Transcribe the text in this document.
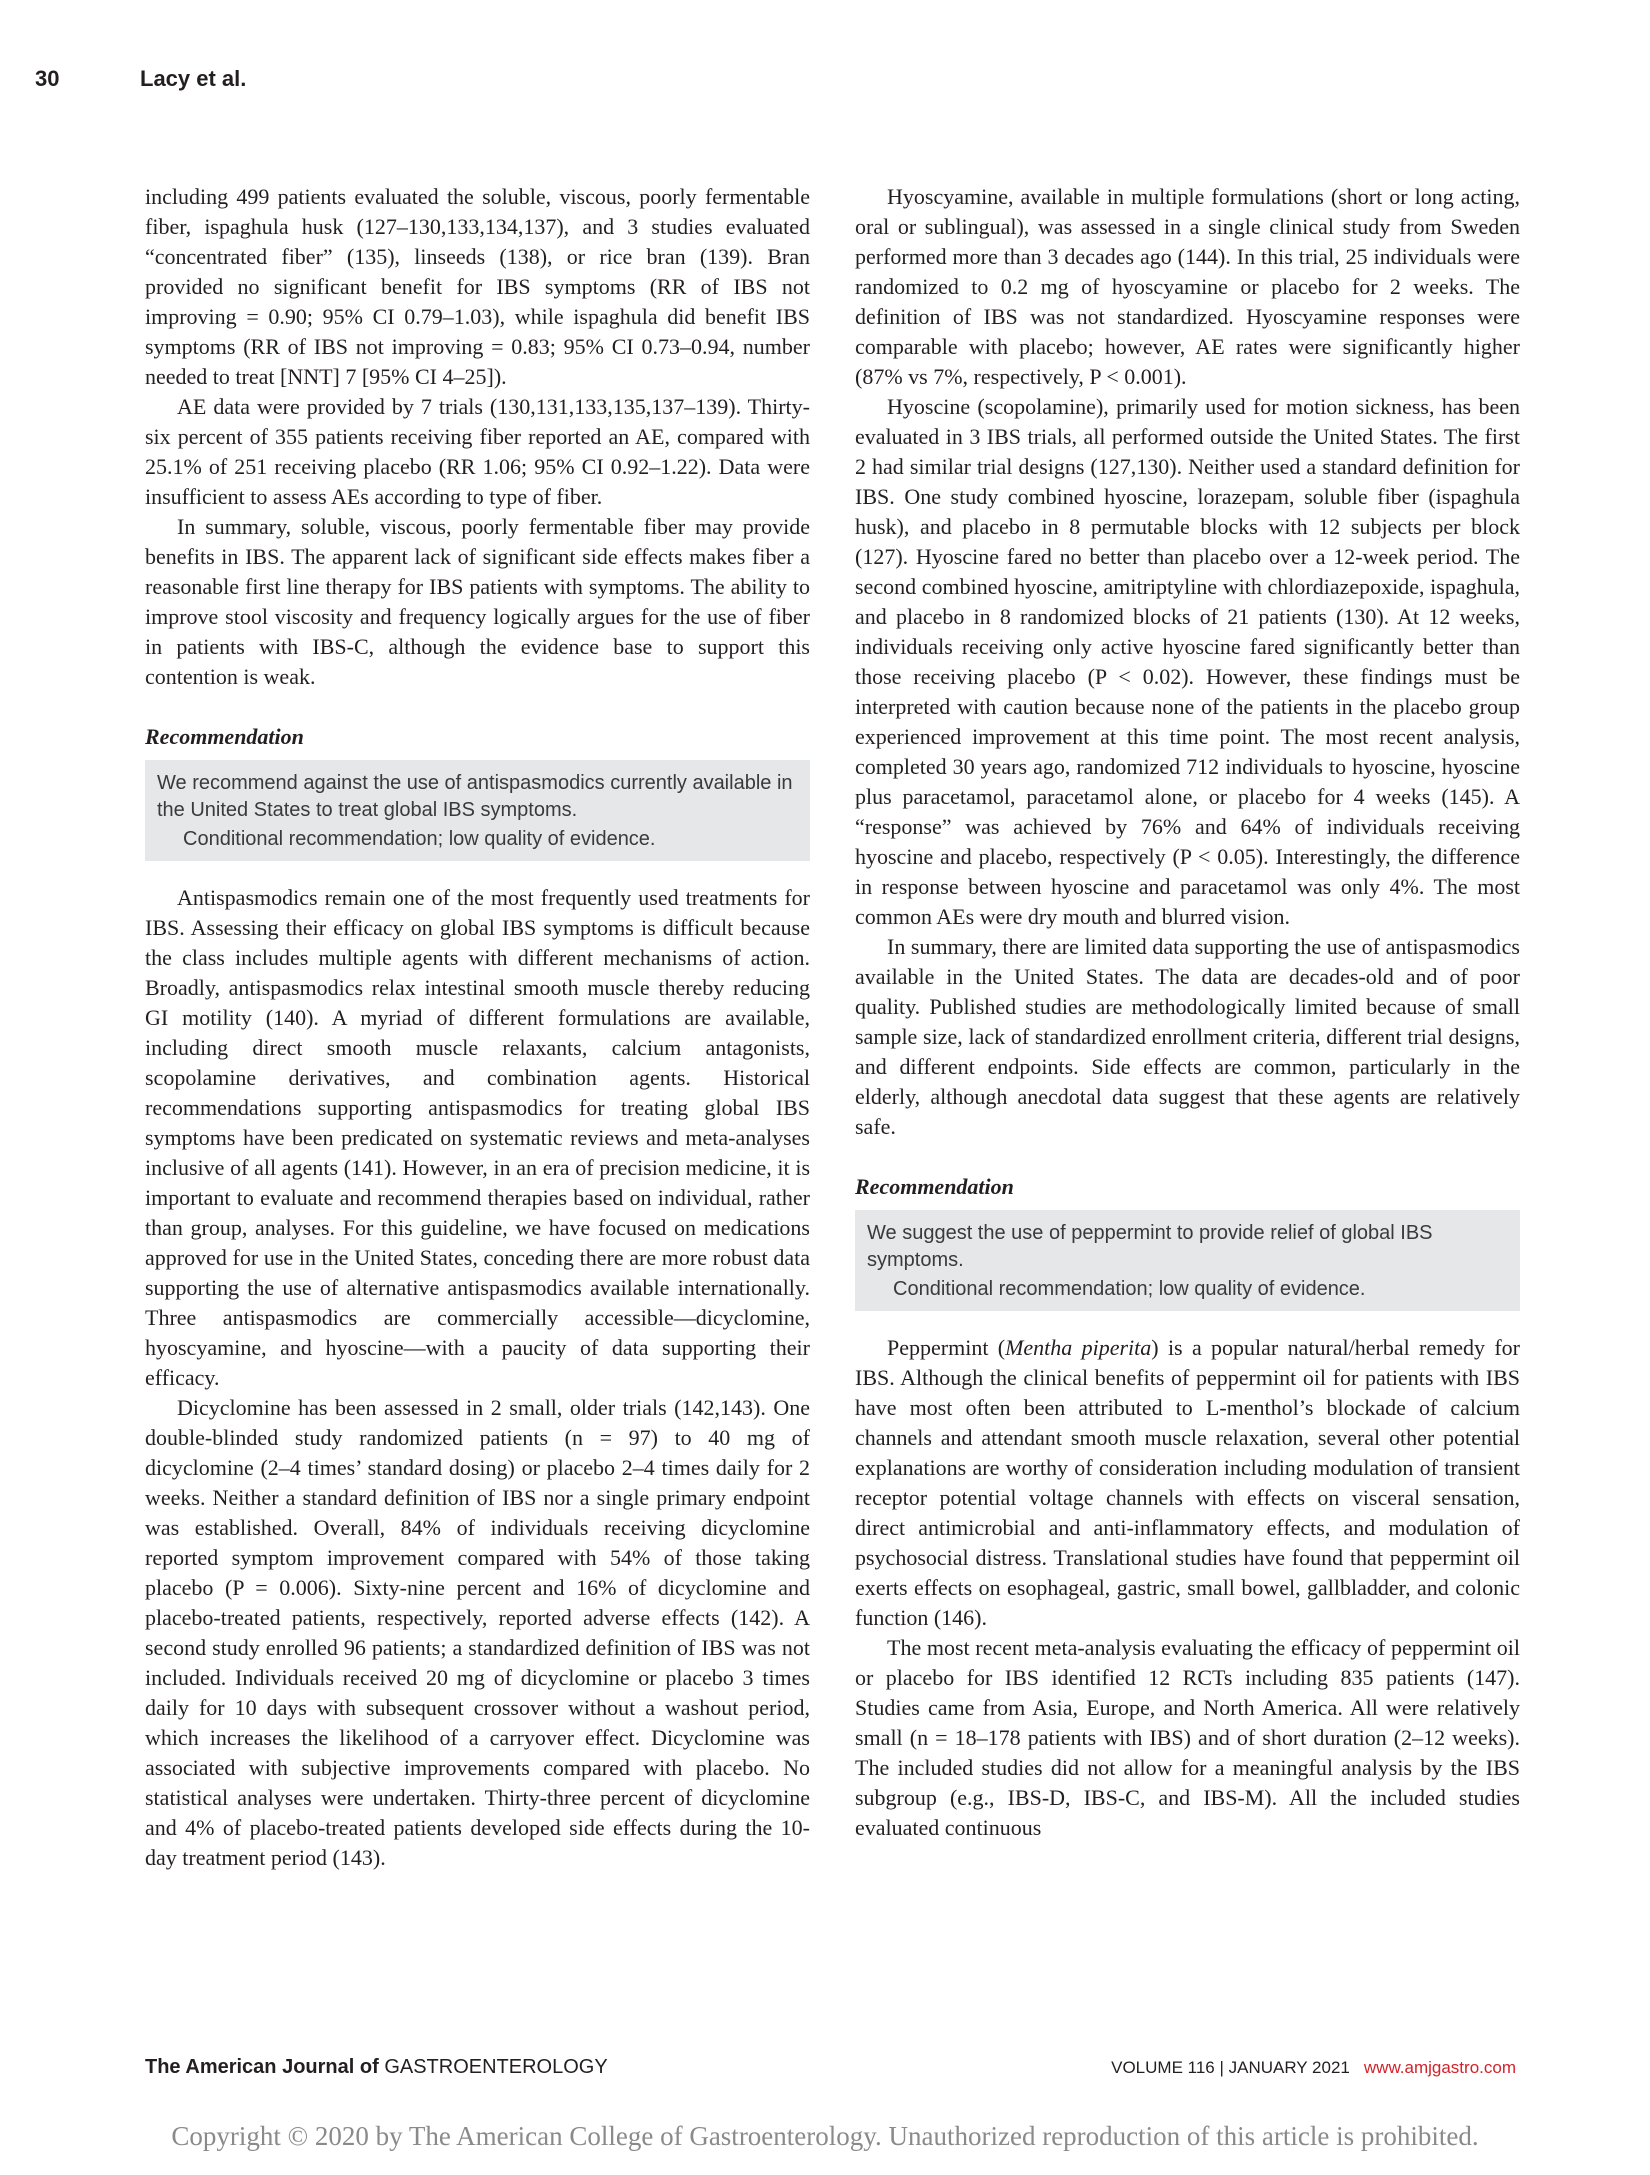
30	Lacy et al.

including 499 patients evaluated the soluble, viscous, poorly fermentable fiber, ispaghula husk (127–130,133,134,137), and 3 studies evaluated “concentrated fiber” (135), linseeds (138), or rice bran (139). Bran provided no significant benefit for IBS symptoms (RR of IBS not improving = 0.90; 95% CI 0.79–1.03), while ispaghula did benefit IBS symptoms (RR of IBS not improving = 0.83; 95% CI 0.73–0.94, number needed to treat [NNT] 7 [95% CI 4–25]).

AE data were provided by 7 trials (130,131,133,135,137–139). Thirty-six percent of 355 patients receiving fiber reported an AE, compared with 25.1% of 251 receiving placebo (RR 1.06; 95% CI 0.92–1.22). Data were insufficient to assess AEs according to type of fiber.

In summary, soluble, viscous, poorly fermentable fiber may provide benefits in IBS. The apparent lack of significant side effects makes fiber a reasonable first line therapy for IBS patients with symptoms. The ability to improve stool viscosity and frequency logically argues for the use of fiber in patients with IBS-C, although the evidence base to support this contention is weak.

Recommendation
We recommend against the use of antispasmodics currently available in the United States to treat global IBS symptoms.
Conditional recommendation; low quality of evidence.

Antispasmodics remain one of the most frequently used treatments for IBS. Assessing their efficacy on global IBS symptoms is difficult because the class includes multiple agents with different mechanisms of action. Broadly, antispasmodics relax intestinal smooth muscle thereby reducing GI motility (140). A myriad of different formulations are available, including direct smooth muscle relaxants, calcium antagonists, scopolamine derivatives, and combination agents. Historical recommendations supporting antispasmodics for treating global IBS symptoms have been predicated on systematic reviews and meta-analyses inclusive of all agents (141). However, in an era of precision medicine, it is important to evaluate and recommend therapies based on individual, rather than group, analyses. For this guideline, we have focused on medications approved for use in the United States, conceding there are more robust data supporting the use of alternative antispasmodics available internationally. Three antispasmodics are commercially accessible—dicyclomine, hyoscyamine, and hyoscine—with a paucity of data supporting their efficacy.

Dicyclomine has been assessed in 2 small, older trials (142,143). One double-blinded study randomized patients (n = 97) to 40 mg of dicyclomine (2–4 times’ standard dosing) or placebo 2–4 times daily for 2 weeks. Neither a standard definition of IBS nor a single primary endpoint was established. Overall, 84% of individuals receiving dicyclomine reported symptom improvement compared with 54% of those taking placebo (P = 0.006). Sixty-nine percent and 16% of dicyclomine and placebo-treated patients, respectively, reported adverse effects (142). A second study enrolled 96 patients; a standardized definition of IBS was not included. Individuals received 20 mg of dicyclomine or placebo 3 times daily for 10 days with subsequent crossover without a washout period, which increases the likelihood of a carryover effect. Dicyclomine was associated with subjective improvements compared with placebo. No statistical analyses were undertaken. Thirty-three percent of dicyclomine and 4% of placebo-treated patients developed side effects during the 10-day treatment period (143).

Hyoscyamine, available in multiple formulations (short or long acting, oral or sublingual), was assessed in a single clinical study from Sweden performed more than 3 decades ago (144). In this trial, 25 individuals were randomized to 0.2 mg of hyoscyamine or placebo for 2 weeks. The definition of IBS was not standardized. Hyoscyamine responses were comparable with placebo; however, AE rates were significantly higher (87% vs 7%, respectively, P < 0.001).

Hyoscine (scopolamine), primarily used for motion sickness, has been evaluated in 3 IBS trials, all performed outside the United States. The first 2 had similar trial designs (127,130). Neither used a standard definition for IBS. One study combined hyoscine, lorazepam, soluble fiber (ispaghula husk), and placebo in 8 permutable blocks with 12 subjects per block (127). Hyoscine fared no better than placebo over a 12-week period. The second combined hyoscine, amitriptyline with chlordiazepoxide, ispaghula, and placebo in 8 randomized blocks of 21 patients (130). At 12 weeks, individuals receiving only active hyoscine fared significantly better than those receiving placebo (P < 0.02). However, these findings must be interpreted with caution because none of the patients in the placebo group experienced improvement at this time point. The most recent analysis, completed 30 years ago, randomized 712 individuals to hyoscine, hyoscine plus paracetamol, paracetamol alone, or placebo for 4 weeks (145). A “response” was achieved by 76% and 64% of individuals receiving hyoscine and placebo, respectively (P < 0.05). Interestingly, the difference in response between hyoscine and paracetamol was only 4%. The most common AEs were dry mouth and blurred vision.

In summary, there are limited data supporting the use of antispasmodics available in the United States. The data are decades-old and of poor quality. Published studies are methodologically limited because of small sample size, lack of standardized enrollment criteria, different trial designs, and different endpoints. Side effects are common, particularly in the elderly, although anecdotal data suggest that these agents are relatively safe.

Recommendation
We suggest the use of peppermint to provide relief of global IBS symptoms.
Conditional recommendation; low quality of evidence.

Peppermint (Mentha piperita) is a popular natural/herbal remedy for IBS. Although the clinical benefits of peppermint oil for patients with IBS have most often been attributed to L-menthol’s blockade of calcium channels and attendant smooth muscle relaxation, several other potential explanations are worthy of consideration including modulation of transient receptor potential voltage channels with effects on visceral sensation, direct antimicrobial and anti-inflammatory effects, and modulation of psychosocial distress. Translational studies have found that peppermint oil exerts effects on esophageal, gastric, small bowel, gallbladder, and colonic function (146).

The most recent meta-analysis evaluating the efficacy of peppermint oil or placebo for IBS identified 12 RCTs including 835 patients (147). Studies came from Asia, Europe, and North America. All were relatively small (n = 18–178 patients with IBS) and of short duration (2–12 weeks). The included studies did not allow for a meaningful analysis by the IBS subgroup (e.g., IBS-D, IBS-C, and IBS-M). All the included studies evaluated continuous

The American Journal of GASTROENTEROLOGY	VOLUME 116 | JANUARY 2021 www.amjgastro.com
Copyright © 2020 by The American College of Gastroenterology. Unauthorized reproduction of this article is prohibited.
